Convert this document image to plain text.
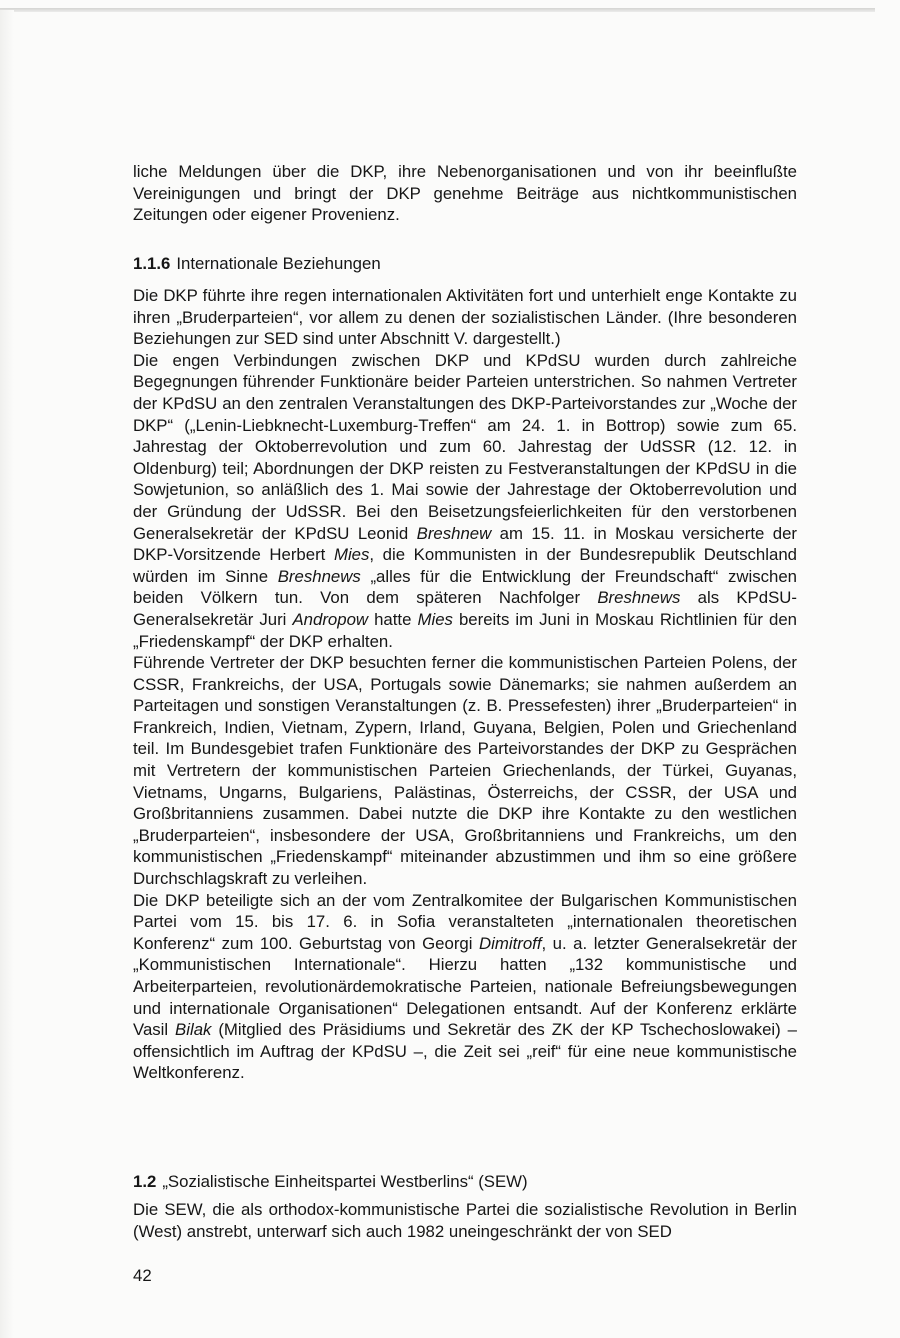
liche Meldungen über die DKP, ihre Nebenorganisationen und von ihr beeinflußte Vereinigungen und bringt der DKP genehme Beiträge aus nichtkommunistischen Zeitungen oder eigener Provenienz.

1.1.6 Internationale Beziehungen

Die DKP führte ihre regen internationalen Aktivitäten fort und unterhielt enge Kontakte zu ihren „Bruderparteien“, vor allem zu denen der sozialistischen Länder. (Ihre besonderen Beziehungen zur SED sind unter Abschnitt V. dargestellt.)

Die engen Verbindungen zwischen DKP und KPdSU wurden durch zahlreiche Begegnungen führender Funktionäre beider Parteien unterstrichen. So nahmen Vertreter der KPdSU an den zentralen Veranstaltungen des DKP-Parteivorstandes zur „Woche der DKP“ („Lenin-Liebknecht-Luxemburg-Treffen“ am 24. 1. in Bottrop) sowie zum 65. Jahrestag der Oktoberrevolution und zum 60. Jahrestag der UdSSR (12. 12. in Oldenburg) teil; Abordnungen der DKP reisten zu Festveranstaltungen der KPdSU in die Sowjetunion, so anläßlich des 1. Mai sowie der Jahrestage der Oktoberrevolution und der Gründung der UdSSR. Bei den Beisetzungsfeierlichkeiten für den verstorbenen Generalsekretär der KPdSU Leonid Breshnew am 15. 11. in Moskau versicherte der DKP-Vorsitzende Herbert Mies, die Kommunisten in der Bundesrepublik Deutschland würden im Sinne Breshnews „alles für die Entwicklung der Freundschaft“ zwischen beiden Völkern tun. Von dem späteren Nachfolger Breshnews als KPdSU-Generalsekretär Juri Andropow hatte Mies bereits im Juni in Moskau Richtlinien für den „Friedenskampf“ der DKP erhalten.

Führende Vertreter der DKP besuchten ferner die kommunistischen Parteien Polens, der CSSR, Frankreichs, der USA, Portugals sowie Dänemarks; sie nahmen außerdem an Parteitagen und sonstigen Veranstaltungen (z. B. Pressefesten) ihrer „Bruderparteien“ in Frankreich, Indien, Vietnam, Zypern, Irland, Guyana, Belgien, Polen und Griechenland teil. Im Bundesgebiet trafen Funktionäre des Parteivorstandes der DKP zu Gesprächen mit Vertretern der kommunistischen Parteien Griechenlands, der Türkei, Guyanas, Vietnams, Ungarns, Bulgariens, Palästinas, Österreichs, der CSSR, der USA und Großbritanniens zusammen. Dabei nutzte die DKP ihre Kontakte zu den westlichen „Bruderparteien“, insbesondere der USA, Großbritanniens und Frankreichs, um den kommunistischen „Friedenskampf“ miteinander abzustimmen und ihm so eine größere Durchschlagskraft zu verleihen.

Die DKP beteiligte sich an der vom Zentralkomitee der Bulgarischen Kommunistischen Partei vom 15. bis 17. 6. in Sofia veranstalteten „internationalen theoretischen Konferenz“ zum 100. Geburtstag von Georgi Dimitroff, u. a. letzter Generalsekretär der „Kommunistischen Internationale“. Hierzu hatten „132 kommunistische und Arbeiterparteien, revolutionärdemokratische Parteien, nationale Befreiungsbewegungen und internationale Organisationen“ Delegationen entsandt. Auf der Konferenz erklärte Vasil Bilak (Mitglied des Präsidiums und Sekretär des ZK der KP Tschechoslowakei) – offensichtlich im Auftrag der KPdSU –, die Zeit sei „reif“ für eine neue kommunistische Weltkonferenz.

1.2 „Sozialistische Einheitspartei Westberlins“ (SEW)

Die SEW, die als orthodox-kommunistische Partei die sozialistische Revolution in Berlin (West) anstrebt, unterwarf sich auch 1982 uneingeschränkt der von SED

42
